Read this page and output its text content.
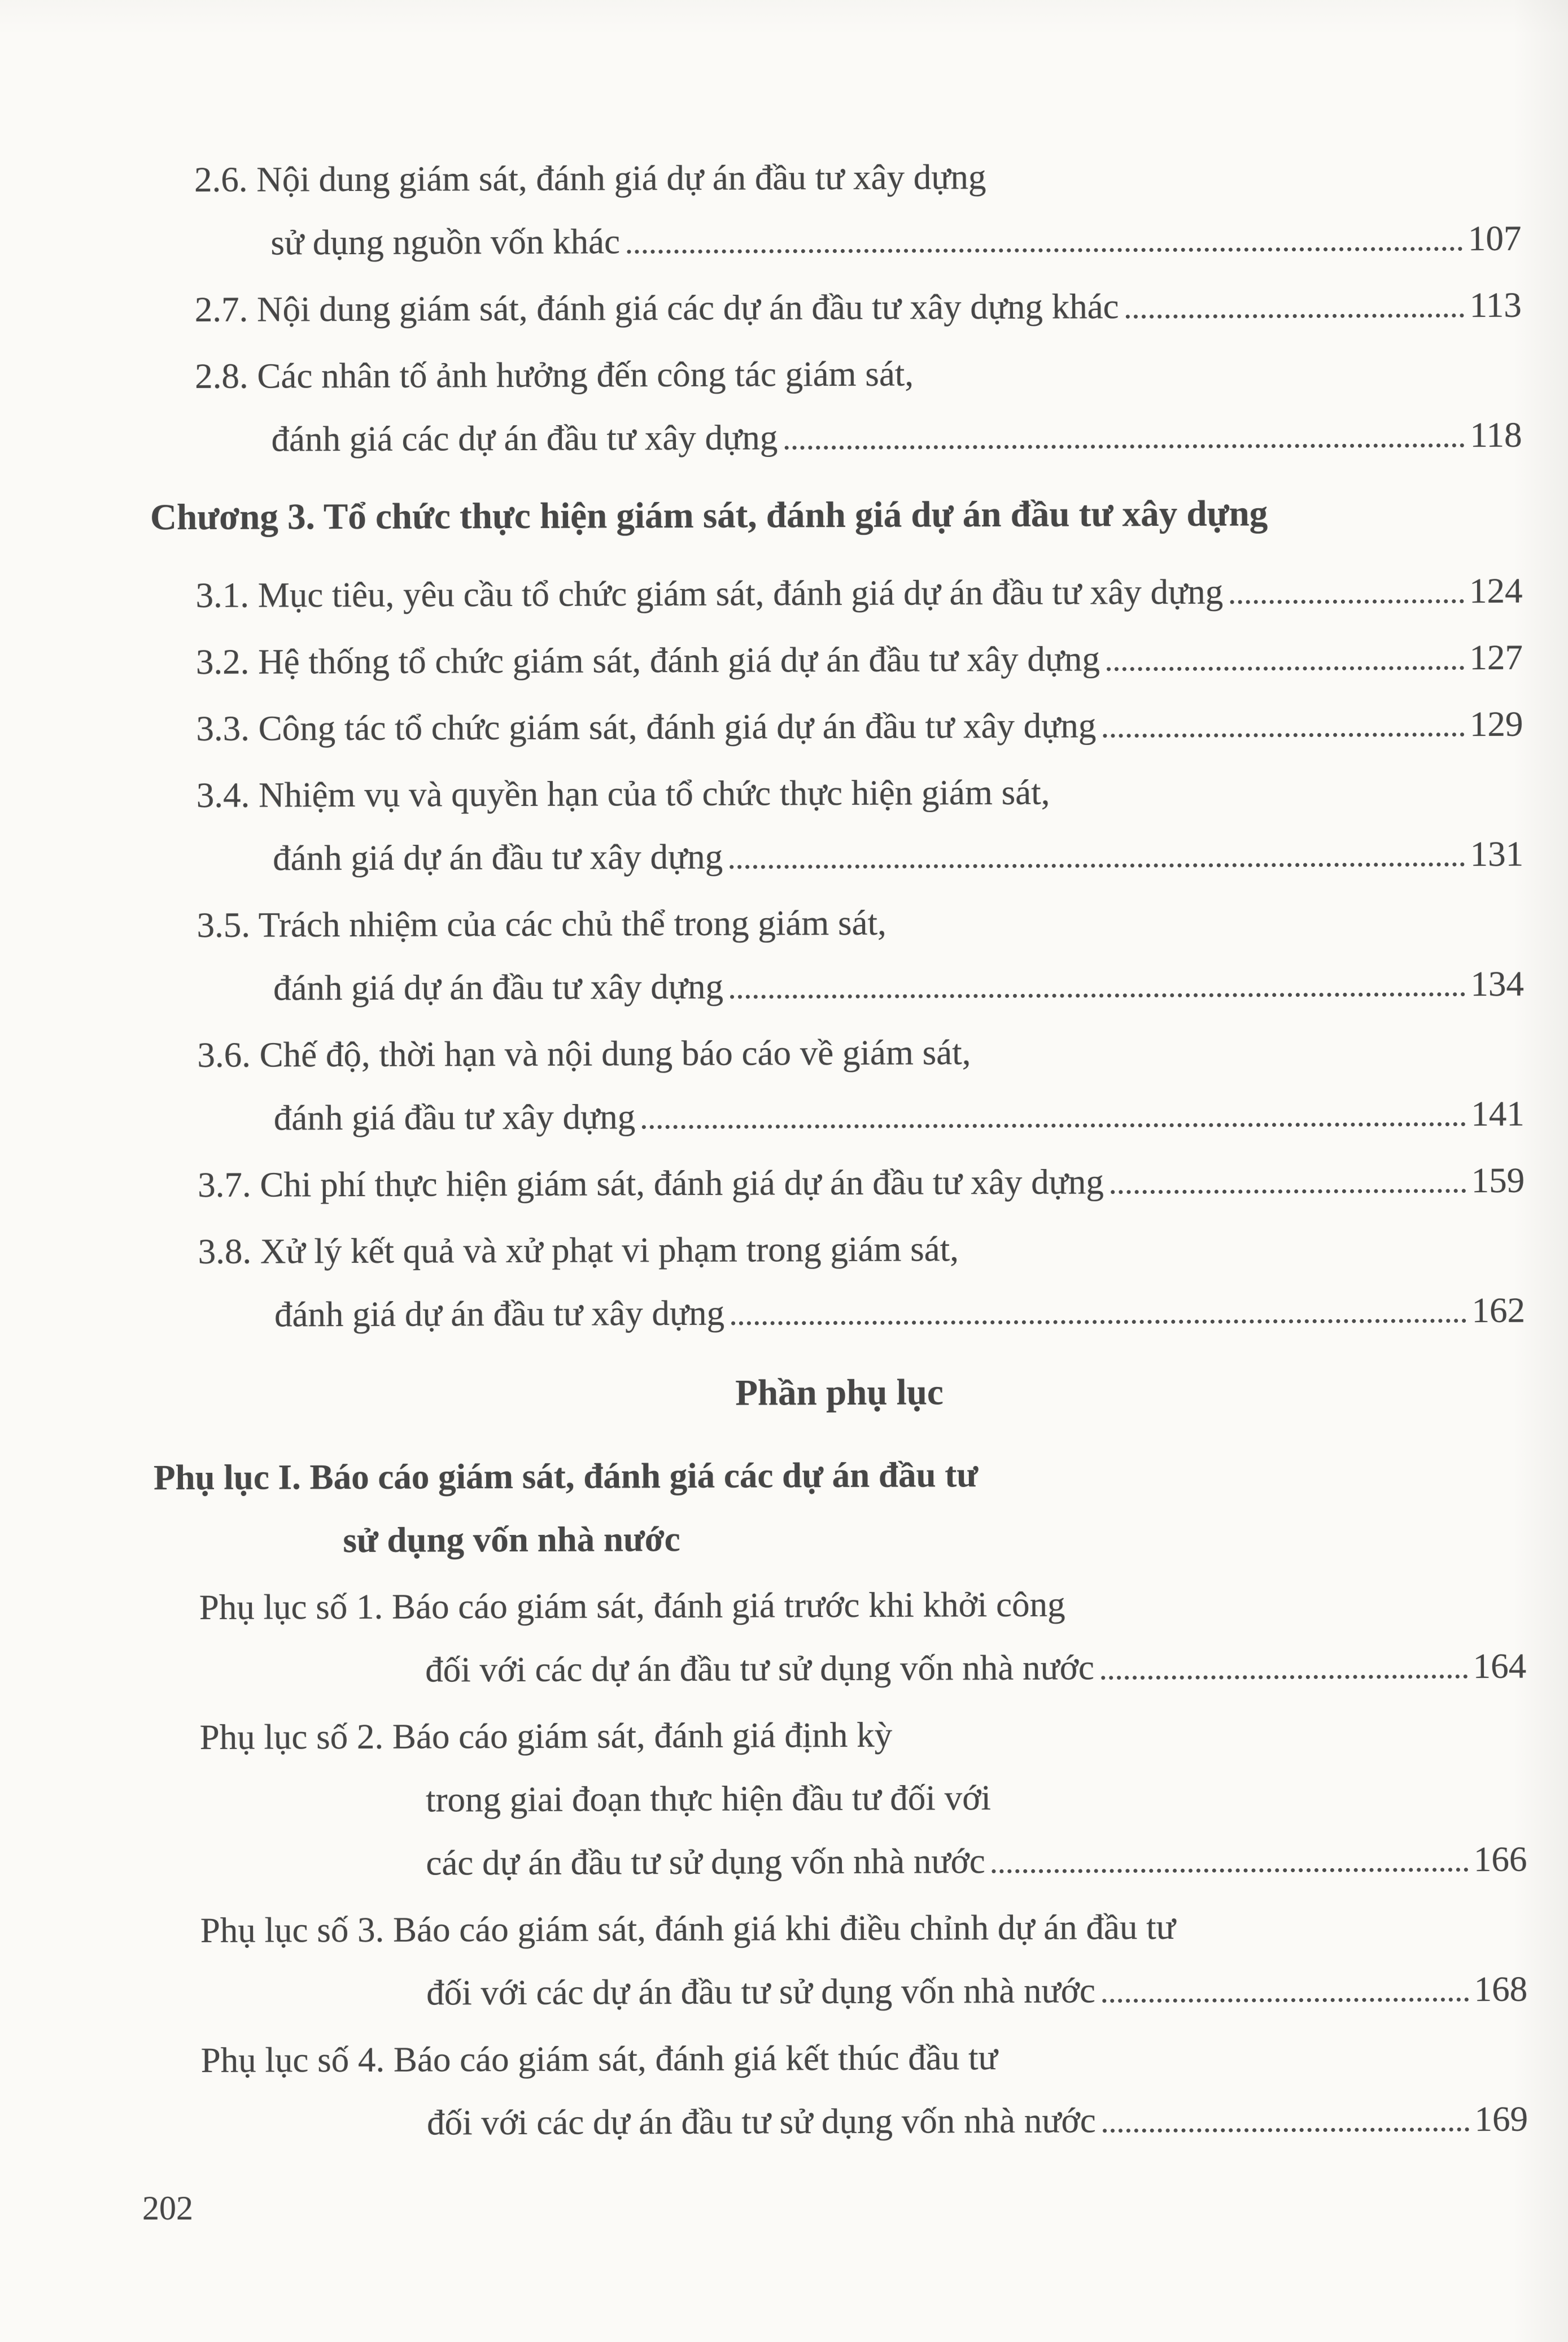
2.6. Nội dung giám sát, đánh giá dự án đầu tư xây dựng
sử dụng nguồn vốn khác	107
2.7. Nội dung giám sát, đánh giá các dự án đầu tư xây dựng khác	113
2.8. Các nhân tố ảnh hưởng đến công tác giám sát,
đánh giá các dự án đầu tư xây dựng	118
Chương 3. Tổ chức thực hiện giám sát, đánh giá dự án đầu tư xây dựng
3.1. Mục tiêu, yêu cầu tổ chức giám sát, đánh giá dự án đầu tư xây dựng	124
3.2. Hệ thống tổ chức giám sát, đánh giá dự án đầu tư xây dựng	127
3.3. Công tác tổ chức giám sát, đánh giá dự án đầu tư xây dựng	129
3.4. Nhiệm vụ và quyền hạn của tổ chức thực hiện giám sát,
đánh giá dự án đầu tư xây dựng	131
3.5. Trách nhiệm của các chủ thể trong giám sát,
đánh giá dự án đầu tư xây dựng	134
3.6. Chế độ, thời hạn và nội dung báo cáo về giám sát,
đánh giá đầu tư xây dựng	141
3.7. Chi phí thực hiện giám sát, đánh giá dự án đầu tư xây dựng	159
3.8. Xử lý kết quả và xử phạt vi phạm trong giám sát,
đánh giá dự án đầu tư xây dựng	162
Phần phụ lục
Phụ lục I. Báo cáo giám sát, đánh giá các dự án đầu tư
sử dụng vốn nhà nước
Phụ lục số 1. Báo cáo giám sát, đánh giá trước khi khởi công
đối với các dự án đầu tư sử dụng vốn nhà nước	164
Phụ lục số 2. Báo cáo giám sát, đánh giá định kỳ
trong giai đoạn thực hiện đầu tư đối với
các dự án đầu tư sử dụng vốn nhà nước	166
Phụ lục số 3. Báo cáo giám sát, đánh giá khi điều chỉnh dự án đầu tư
đối với các dự án đầu tư sử dụng vốn nhà nước	168
Phụ lục số 4. Báo cáo giám sát, đánh giá kết thúc đầu tư
đối với các dự án đầu tư sử dụng vốn nhà nước	169
202
